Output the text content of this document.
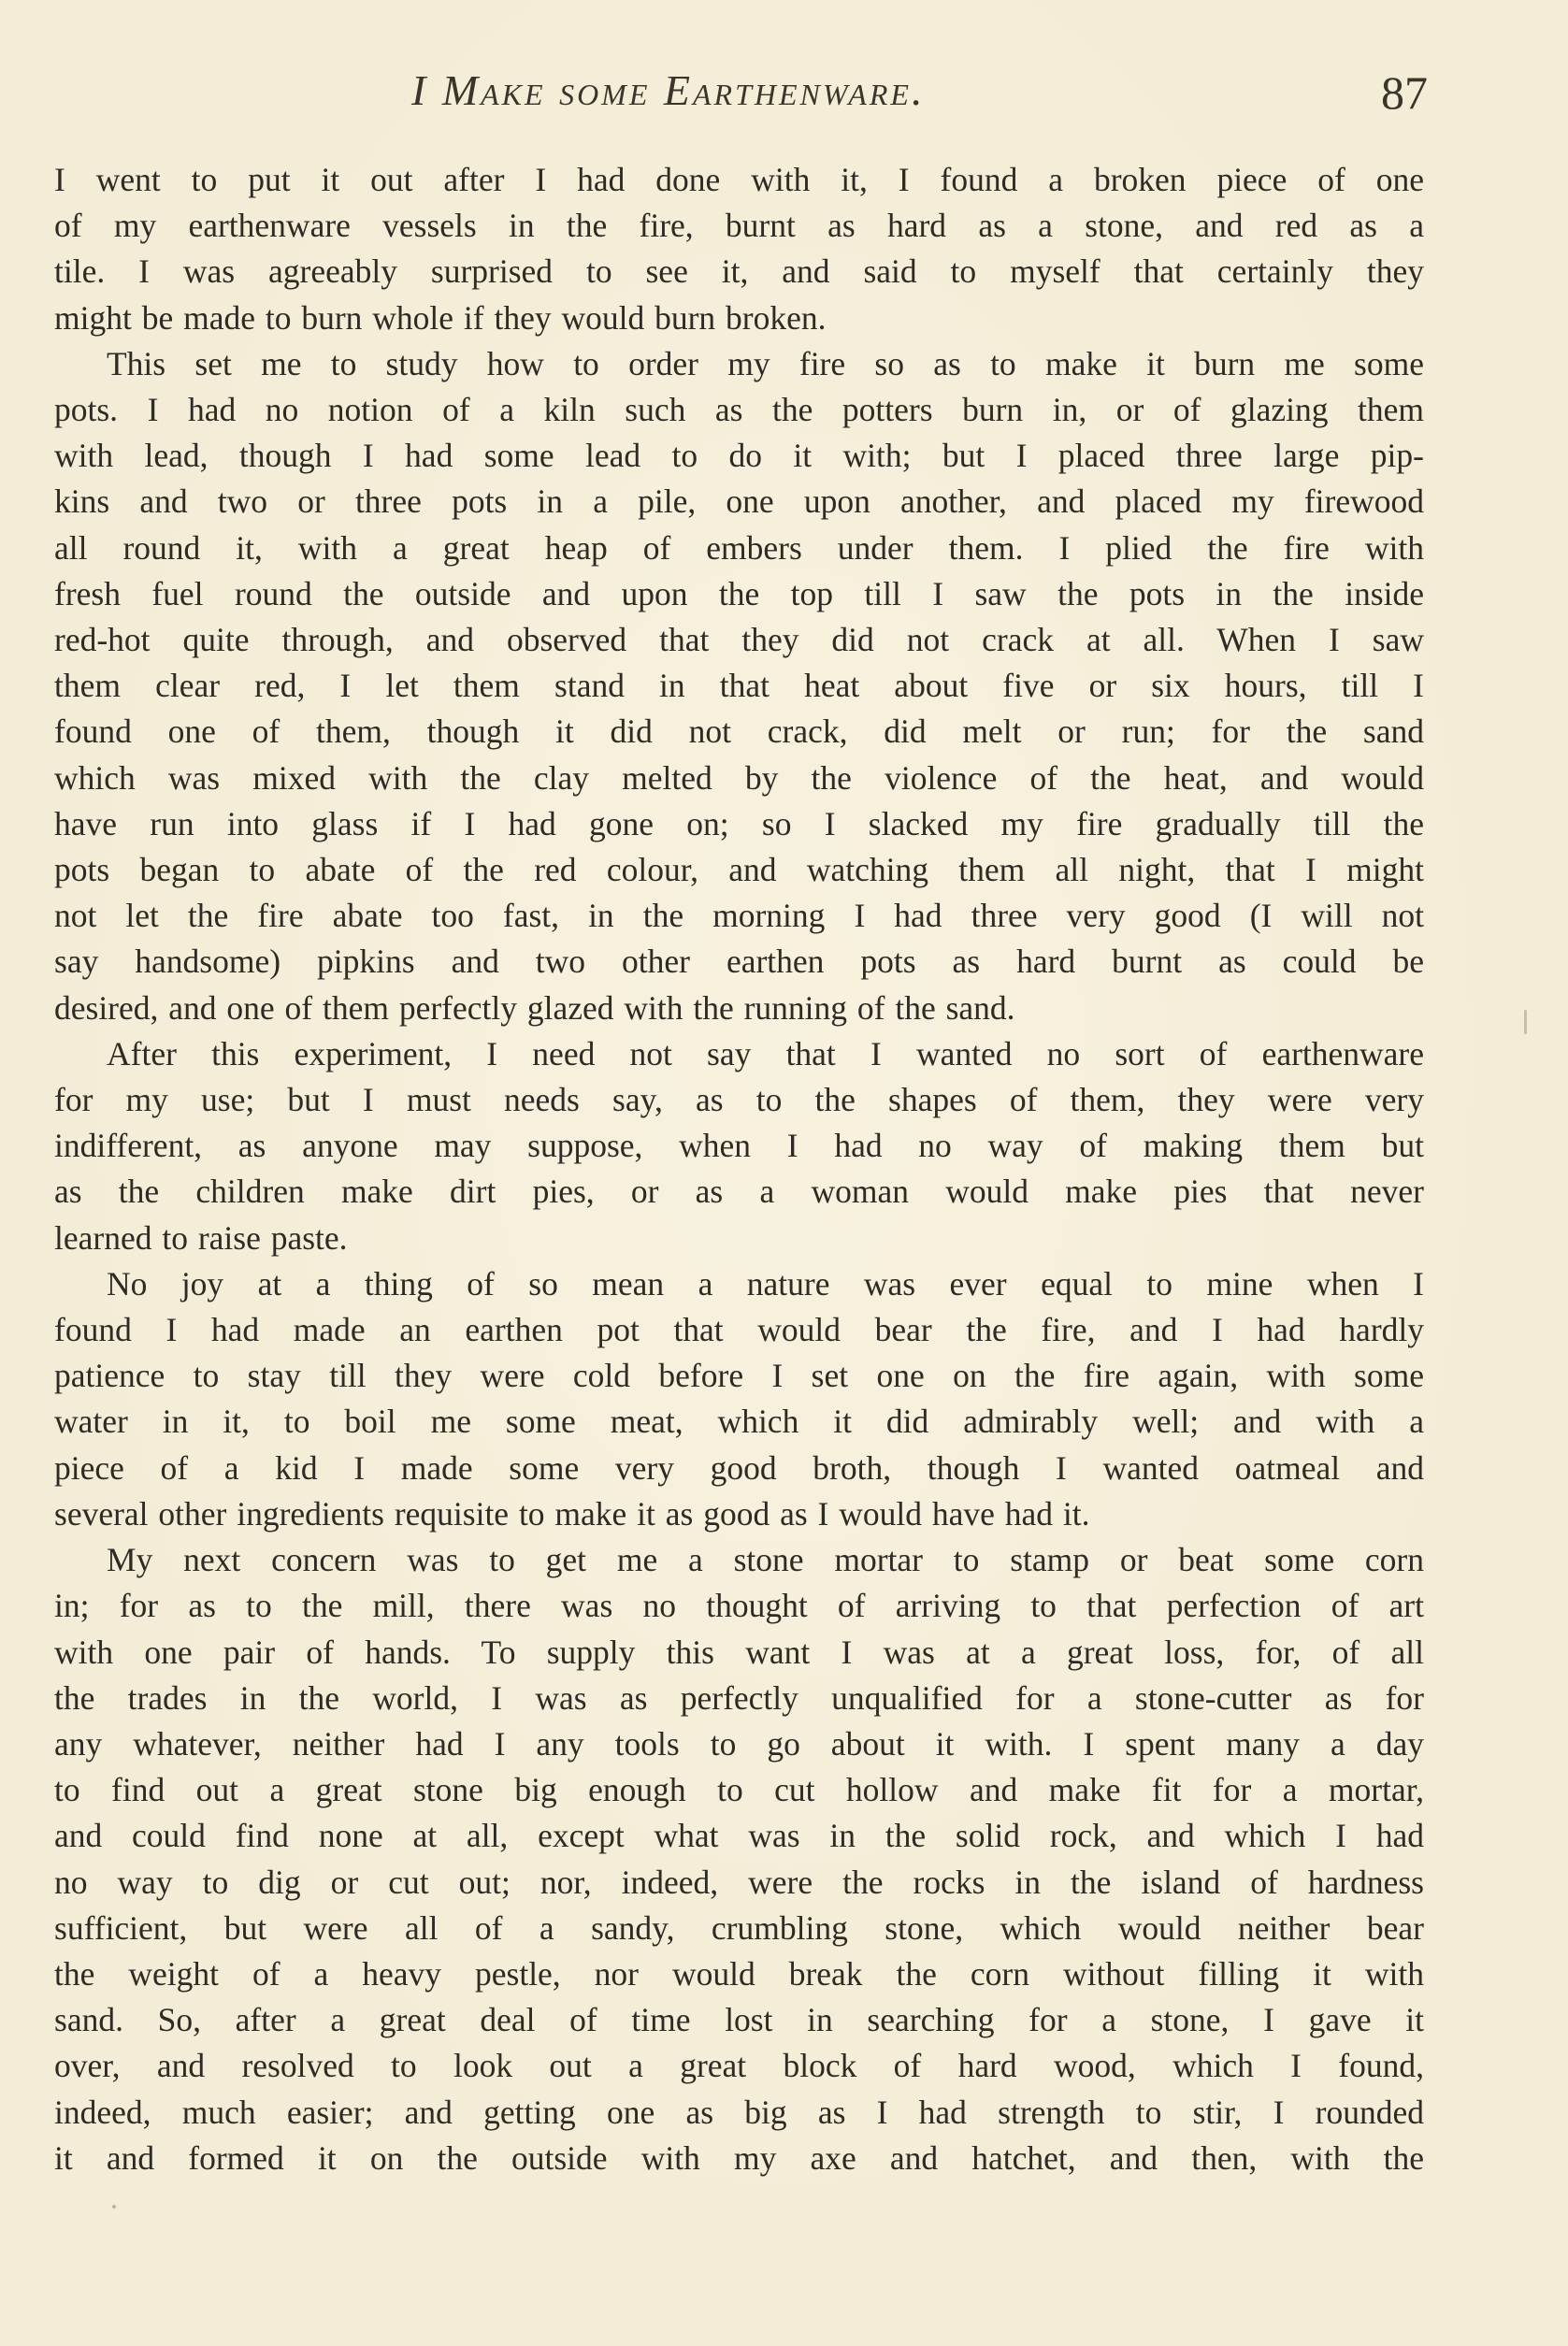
I Make some Earthenware.	87
I went to put it out after I had done with it, I found a broken piece of one
of my earthenware vessels in the fire, burnt as hard as a stone, and red as a
tile. I was agreeably surprised to see it, and said to myself that certainly they
might be made to burn whole if they would burn broken.
This set me to study how to order my fire so as to make it burn me some
pots. I had no notion of a kiln such as the potters burn in, or of glazing them
with lead, though I had some lead to do it with; but I placed three large pip-
kins and two or three pots in a pile, one upon another, and placed my firewood
all round it, with a great heap of embers under them. I plied the fire with
fresh fuel round the outside and upon the top till I saw the pots in the inside
red-hot quite through, and observed that they did not crack at all. When I saw
them clear red, I let them stand in that heat about five or six hours, till I
found one of them, though it did not crack, did melt or run; for the sand
which was mixed with the clay melted by the violence of the heat, and would
have run into glass if I had gone on; so I slacked my fire gradually till the
pots began to abate of the red colour, and watching them all night, that I might
not let the fire abate too fast, in the morning I had three very good (I will not
say handsome) pipkins and two other earthen pots as hard burnt as could be
desired, and one of them perfectly glazed with the running of the sand.
After this experiment, I need not say that I wanted no sort of earthenware
for my use; but I must needs say, as to the shapes of them, they were very
indifferent, as anyone may suppose, when I had no way of making them but
as the children make dirt pies, or as a woman would make pies that never
learned to raise paste.
No joy at a thing of so mean a nature was ever equal to mine when I
found I had made an earthen pot that would bear the fire, and I had hardly
patience to stay till they were cold before I set one on the fire again, with some
water in it, to boil me some meat, which it did admirably well; and with a
piece of a kid I made some very good broth, though I wanted oatmeal and
several other ingredients requisite to make it as good as I would have had it.
My next concern was to get me a stone mortar to stamp or beat some corn
in; for as to the mill, there was no thought of arriving to that perfection of art
with one pair of hands. To supply this want I was at a great loss, for, of all
the trades in the world, I was as perfectly unqualified for a stone-cutter as for
any whatever, neither had I any tools to go about it with. I spent many a day
to find out a great stone big enough to cut hollow and make fit for a mortar,
and could find none at all, except what was in the solid rock, and which I had
no way to dig or cut out; nor, indeed, were the rocks in the island of hardness
sufficient, but were all of a sandy, crumbling stone, which would neither bear
the weight of a heavy pestle, nor would break the corn without filling it with
sand. So, after a great deal of time lost in searching for a stone, I gave it
over, and resolved to look out a great block of hard wood, which I found,
indeed, much easier; and getting one as big as I had strength to stir, I rounded
it and formed it on the outside with my axe and hatchet, and then, with the
